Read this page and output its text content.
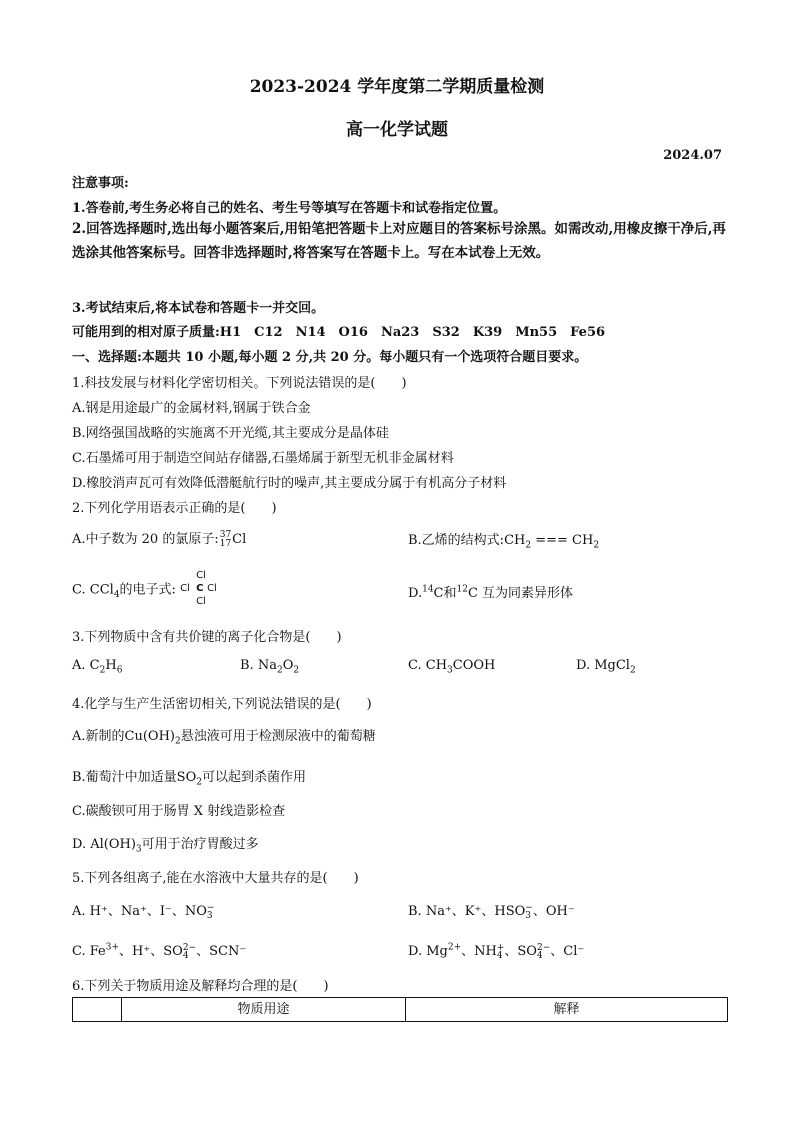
2023-2024 学年度第二学期质量检测
高一化学试题
2024.07
注意事项:
1.答卷前,考生务必将自己的姓名、考生号等填写在答题卡和试卷指定位置。
2.回答选择题时,选出每小题答案后,用铅笔把答题卡上对应题目的答案标号涂黑。如需改动,用橡皮擦干净后,再选涂其他答案标号。回答非选择题时,将答案写在答题卡上。写在本试卷上无效。
3.考试结束后,将本试卷和答题卡一并交回。
可能用到的相对原子质量:H1　C12　N14　O16　Na23　S32　K39　Mn55　Fe56
一、选择题:本题共 10 小题,每小题 2 分,共 20 分。每小题只有一个选项符合题目要求。
1.科技发展与材料化学密切相关。下列说法错误的是(　　)
A.钢是用途最广的金属材料,钢属于铁合金
B.网络强国战略的实施离不开光缆,其主要成分是晶体硅
C.石墨烯可用于制造空间站存储器,石墨烯属于新型无机非金属材料
D.橡胶消声瓦可有效降低潜艇航行时的噪声,其主要成分属于有机高分子材料
2.下列化学用语表示正确的是(　　)
A.中子数为 20 的氯原子: 37
17 Cl	B.乙烯的结构式$:CH_2$ === $CH_2$
C. CCl$_4$的电子式:
Cl
Cl C Cl
Cl
D.$^{14}$C和$^{12}$C 互为同素异形体
3.下列物质中含有共价键的离子化合物是(　　)
A. $C_2H_6$	B. $Na_2O_2$	C. $CH_3COOH$	D. MgCl$_2$
4.化学与生产生活密切相关,下列说法错误的是(　　)
A.新制的$Cu(OH)_2$悬浊液可用于检测尿液中的葡萄糖
B.葡萄汁中加适量$SO_2$可以起到杀菌作用
C.碳酸钡可用于肠胃 X 射线造影检查
D. $Al(OH)_3$可用于治疗胃酸过多
5.下列各组离子,能在水溶液中大量共存的是(　　)
A. H⁺、Na⁺、I⁻、NO −
3	B. Na⁺、K⁺、HSO −
3 、OH⁻
C. $Fe^{3+}$、H⁺、SO 2−
4 、SCN⁻	D. $Mg^{2+}$、NH +
4 、SO 2−
4 、Cl⁻
6.下列关于物质用途及解释均合理的是(　　)
物质用途	解释
